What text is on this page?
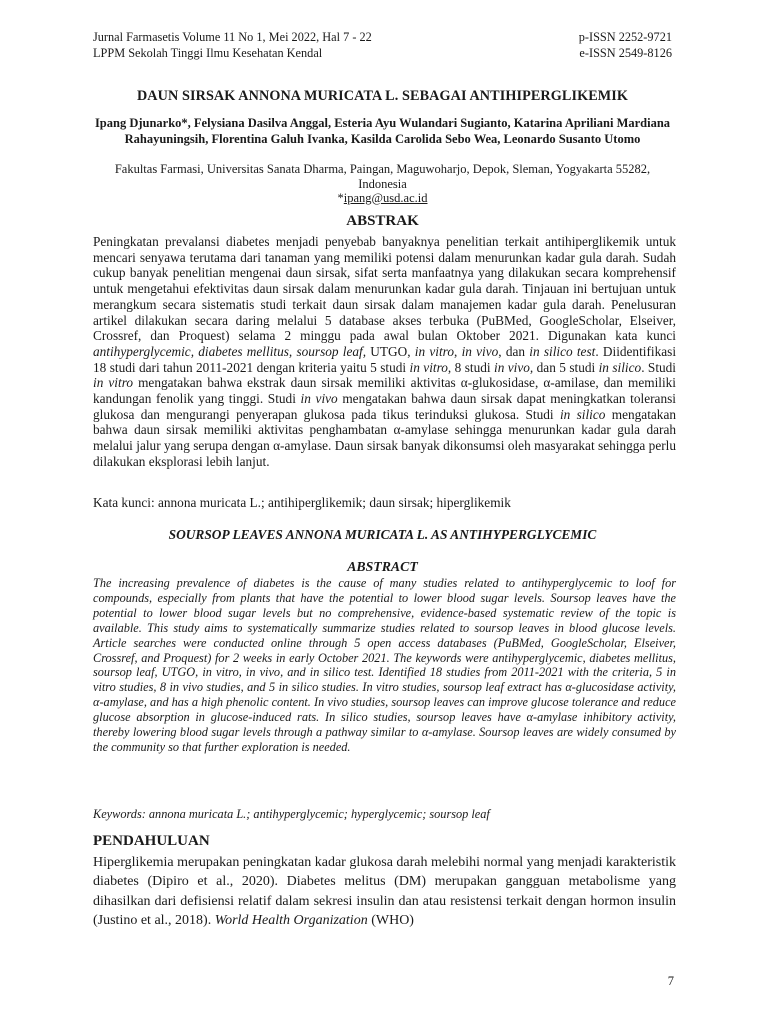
Jurnal Farmasetis Volume 11 No 1, Mei 2022, Hal 7 - 22	p-ISSN 2252-9721
LPPM Sekolah Tinggi Ilmu Kesehatan Kendal	e-ISSN 2549-8126
DAUN SIRSAK ANNONA MURICATA L. SEBAGAI ANTIHIPERGLIKEMIK
Ipang Djunarko*, Felysiana Dasilva Anggal, Esteria Ayu Wulandari Sugianto, Katarina Apriliani Mardiana Rahayuningsih, Florentina Galuh Ivanka, Kasilda Carolida Sebo Wea, Leonardo Susanto Utomo
Fakultas Farmasi, Universitas Sanata Dharma, Paingan, Maguwoharjo, Depok, Sleman, Yogyakarta 55282, Indonesia
*ipang@usd.ac.id
ABSTRAK
Peningkatan prevalansi diabetes menjadi penyebab banyaknya penelitian terkait antihiperglikemik untuk mencari senyawa terutama dari tanaman yang memiliki potensi dalam menurunkan kadar gula darah. Sudah cukup banyak penelitian mengenai daun sirsak, sifat serta manfaatnya yang dilakukan secara komprehensif untuk mengetahui efektivitas daun sirsak dalam menurunkan kadar gula darah. Tinjauan ini bertujuan untuk merangkum secara sistematis studi terkait daun sirsak dalam manajemen kadar gula darah. Penelusuran artikel dilakukan secara daring melalui 5 database akses terbuka (PuBMed, GoogleScholar, Elseiver, Crossref, dan Proquest) selama 2 minggu pada awal bulan Oktober 2021. Digunakan kata kunci antihyperglycemic, diabetes mellitus, soursop leaf, UTGO, in vitro, in vivo, dan in silico test. Diidentifikasi 18 studi dari tahun 2011-2021 dengan kriteria yaitu 5 studi in vitro, 8 studi in vivo, dan 5 studi in silico. Studi in vitro mengatakan bahwa ekstrak daun sirsak memiliki aktivitas α-glukosidase, α-amilase, dan memiliki kandungan fenolik yang tinggi. Studi in vivo mengatakan bahwa daun sirsak dapat meningkatkan toleransi glukosa dan mengurangi penyerapan glukosa pada tikus terinduksi glukosa. Studi in silico mengatakan bahwa daun sirsak memiliki aktivitas penghambatan α-amylase sehingga menurunkan kadar gula darah melalui jalur yang serupa dengan α-amylase. Daun sirsak banyak dikonsumsi oleh masyarakat sehingga perlu dilakukan eksplorasi lebih lanjut.
Kata kunci: annona muricata L.; antihiperglikemik; daun sirsak; hiperglikemik
SOURSOP LEAVES ANNONA MURICATA L. AS ANTIHYPERGLYCEMIC
ABSTRACT
The increasing prevalence of diabetes is the cause of many studies related to antihyperglycemic to loof for compounds, especially from plants that have the potential to lower blood sugar levels. Soursop leaves have the potential to lower blood sugar levels but no comprehensive, evidence-based systematic review of the topic is available. This study aims to systematically summarize studies related to soursop leaves in blood glucose levels. Article searches were conducted online through 5 open access databases (PuBMed, GoogleScholar, Elseiver, Crossref, and Proquest) for 2 weeks in early October 2021. The keywords were antihyperglycemic, diabetes mellitus, soursop leaf, UTGO, in vitro, in vivo, and in silico test. Identified 18 studies from 2011-2021 with the criteria, 5 in vitro studies, 8 in vivo studies, and 5 in silico studies. In vitro studies, soursop leaf extract has α-glucosidase activity, α-amylase, and has a high phenolic content. In vivo studies, soursop leaves can improve glucose tolerance and reduce glucose absorption in glucose-induced rats. In silico studies, soursop leaves have α-amylase inhibitory activity, thereby lowering blood sugar levels through a pathway similar to α-amylase. Soursop leaves are widely consumed by the community so that further exploration is needed.
Keywords: annona muricata L.; antihyperglycemic; hyperglycemic; soursop leaf
PENDAHULUAN
Hiperglikemia merupakan peningkatan kadar glukosa darah melebihi normal yang menjadi karakteristik diabetes (Dipiro et al., 2020). Diabetes melitus (DM) merupakan gangguan metabolisme yang dihasilkan dari defisiensi relatif dalam sekresi insulin dan atau resistensi terkait dengan hormon insulin (Justino et al., 2018). World Health Organization (WHO)
7
